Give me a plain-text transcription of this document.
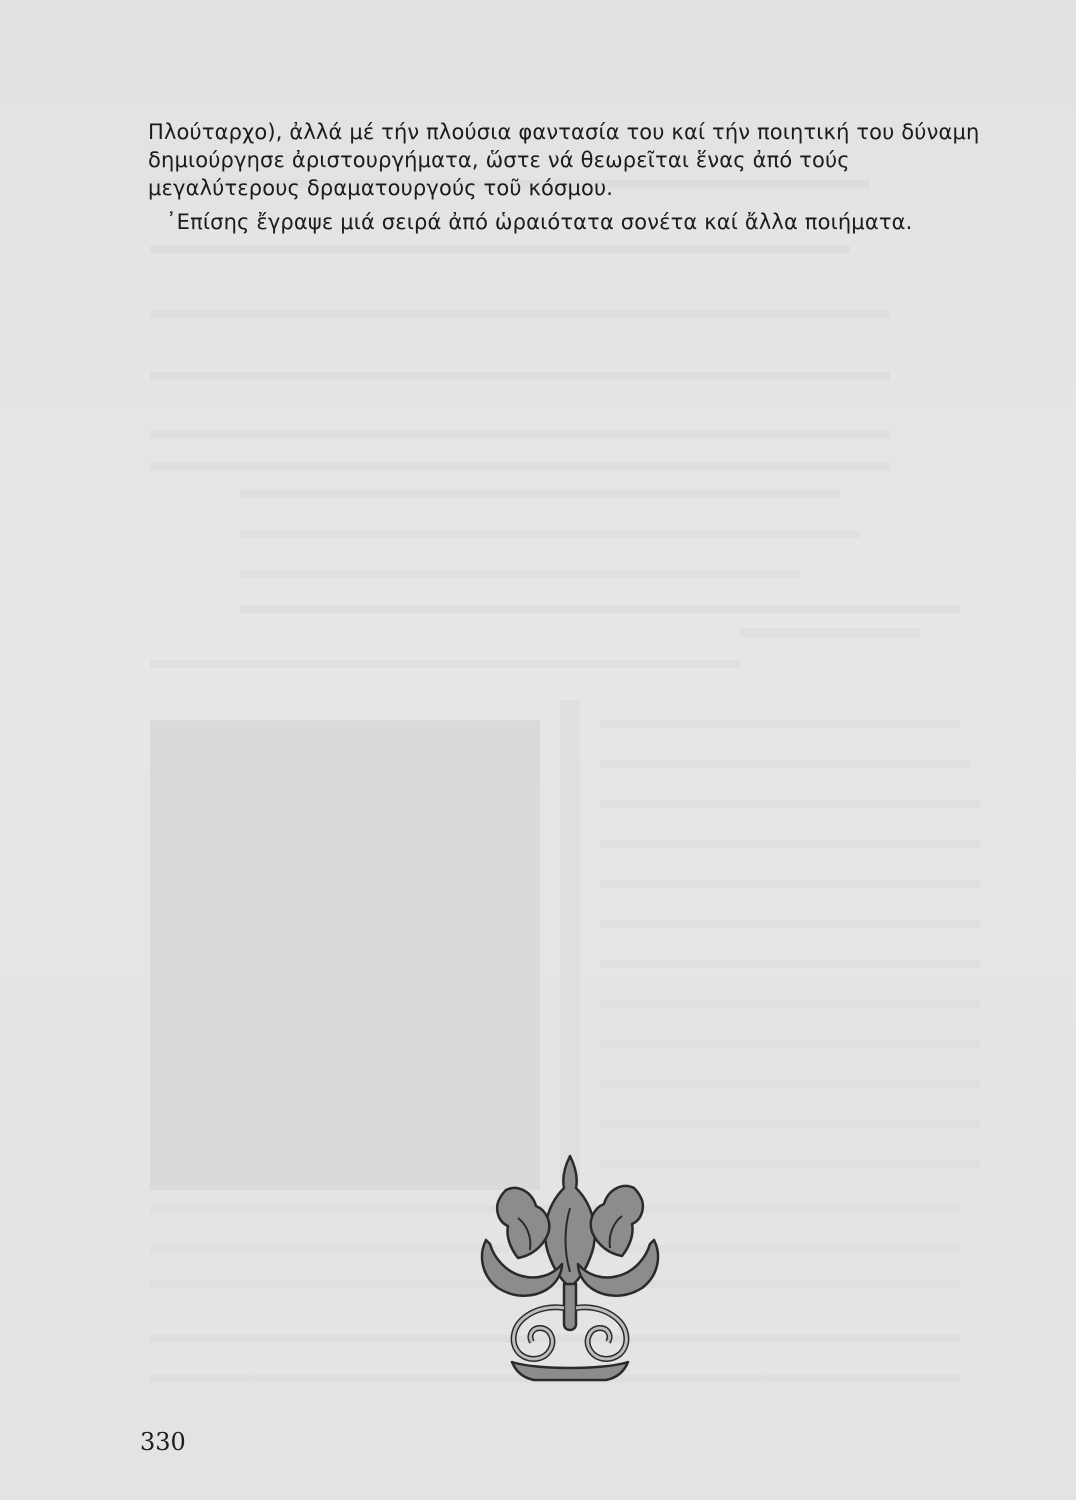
Πλούταρχο), ἀλλά μέ τήν πλούσια φαντασία του καί τήν ποιητική του δύναμη δημιούργησε ἀριστουργήματα, ὥστε νά θεωρεῖται ἕνας ἀπό τούς μεγαλύτερους δραματουργούς τοῦ κόσμου.

᾿Επίσης ἔγραψε μιά σειρά ἀπό ὡραιότατα σονέτα καί ἄλλα ποιήματα.

330
